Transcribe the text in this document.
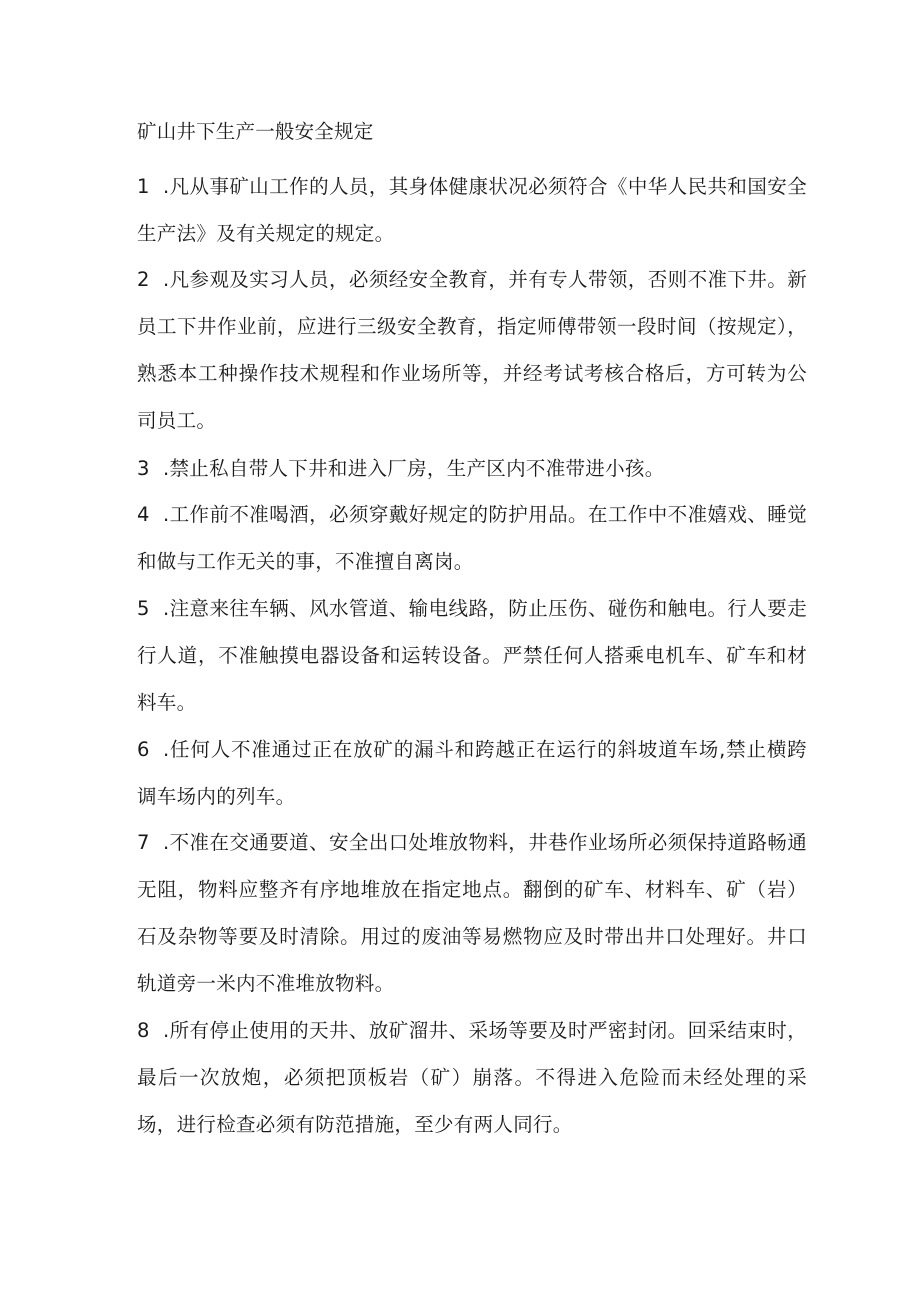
矿山井下生产一般安全规定
1 .凡从事矿山工作的人员，其身体健康状况必须符合《中华人民共和国安全生产法》及有关规定的规定。
2 .凡参观及实习人员，必须经安全教育，并有专人带领，否则不准下井。新员工下井作业前，应进行三级安全教育，指定师傅带领一段时间（按规定），熟悉本工种操作技术规程和作业场所等，并经考试考核合格后，方可转为公司员工。
3 .禁止私自带人下井和进入厂房，生产区内不准带进小孩。
4 .工作前不准喝酒，必须穿戴好规定的防护用品。在工作中不准嬉戏、睡觉和做与工作无关的事，不准擅自离岗。
5 .注意来往车辆、风水管道、输电线路，防止压伤、碰伤和触电。行人要走行人道，不准触摸电器设备和运转设备。严禁任何人搭乘电机车、矿车和材料车。
6 .任何人不准通过正在放矿的漏斗和跨越正在运行的斜坡道车场,禁止横跨调车场内的列车。
7 .不准在交通要道、安全出口处堆放物料，井巷作业场所必须保持道路畅通无阻，物料应整齐有序地堆放在指定地点。翻倒的矿车、材料车、矿（岩）石及杂物等要及时清除。用过的废油等易燃物应及时带出井口处理好。井口轨道旁一米内不准堆放物料。
8 .所有停止使用的天井、放矿溜井、采场等要及时严密封闭。回采结束时，最后一次放炮，必须把顶板岩（矿）崩落。不得进入危险而未经处理的采场，进行检查必须有防范措施，至少有两人同行。
